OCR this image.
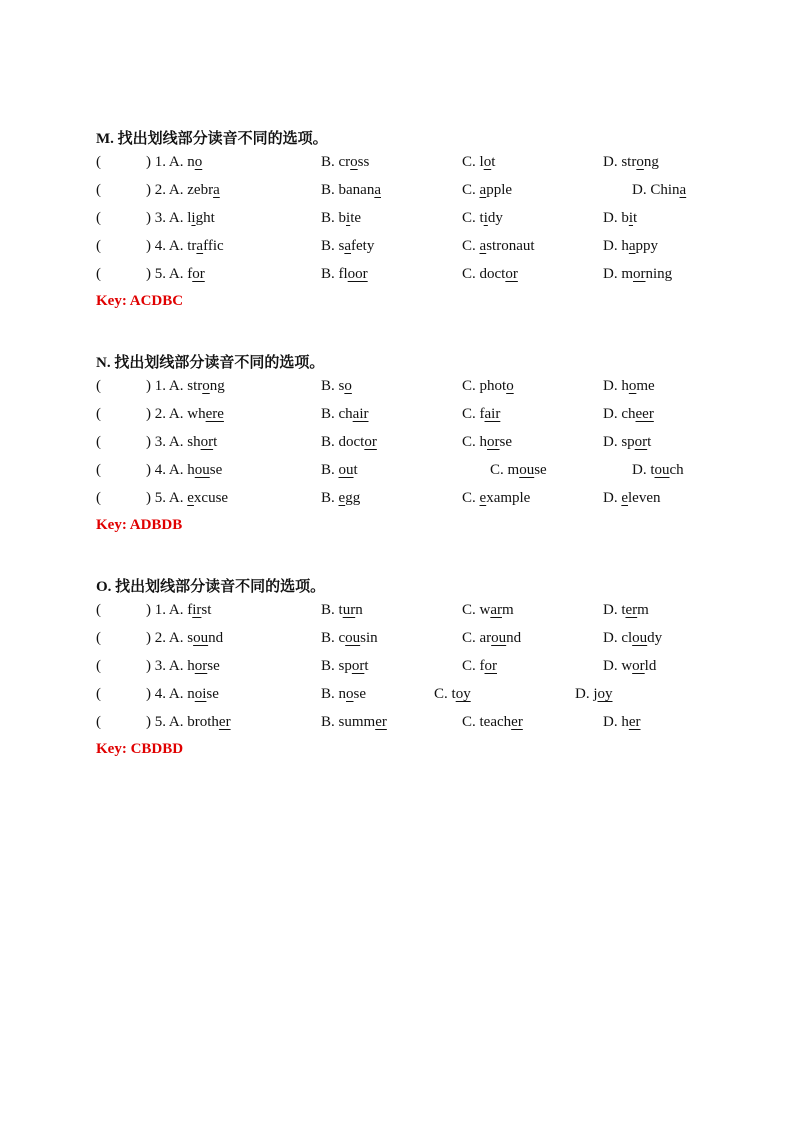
M. 找出划线部分读音不同的选项。
(	) 1. A. no	B. cross	C. lot	D. strong
(	) 2. A. zebra	B. banana	C. apple	D. China
(	) 3. A. light	B. bite	C. tidy	D. bit
(	) 4. A. traffic	B. safety	C. astronaut	D. happy
(	) 5. A. for	B. floor	C. doctor	D. morning
Key: ACDBC
N. 找出划线部分读音不同的选项。
(	) 1. A. strong	B. so	C. photo	D. home
(	) 2. A. where	B. chair	C. fair	D. cheer
(	) 3. A. short	B. doctor	C. horse	D. sport
(	) 4. A. house	B. out	C. mouse	D. touch
(	) 5. A. excuse	B. egg	C. example	D. eleven
Key: ADBDB
O. 找出划线部分读音不同的选项。
(	) 1. A. first	B. turn	C. warm	D. term
(	) 2. A. sound	B. cousin	C. around	D. cloudy
(	) 3. A. horse	B. sport	C. for	D. world
(	) 4. A. noise	B. nose	C. toy	D. joy
(	) 5. A. brother	B. summer	C. teacher	D. her
Key: CBDBD
